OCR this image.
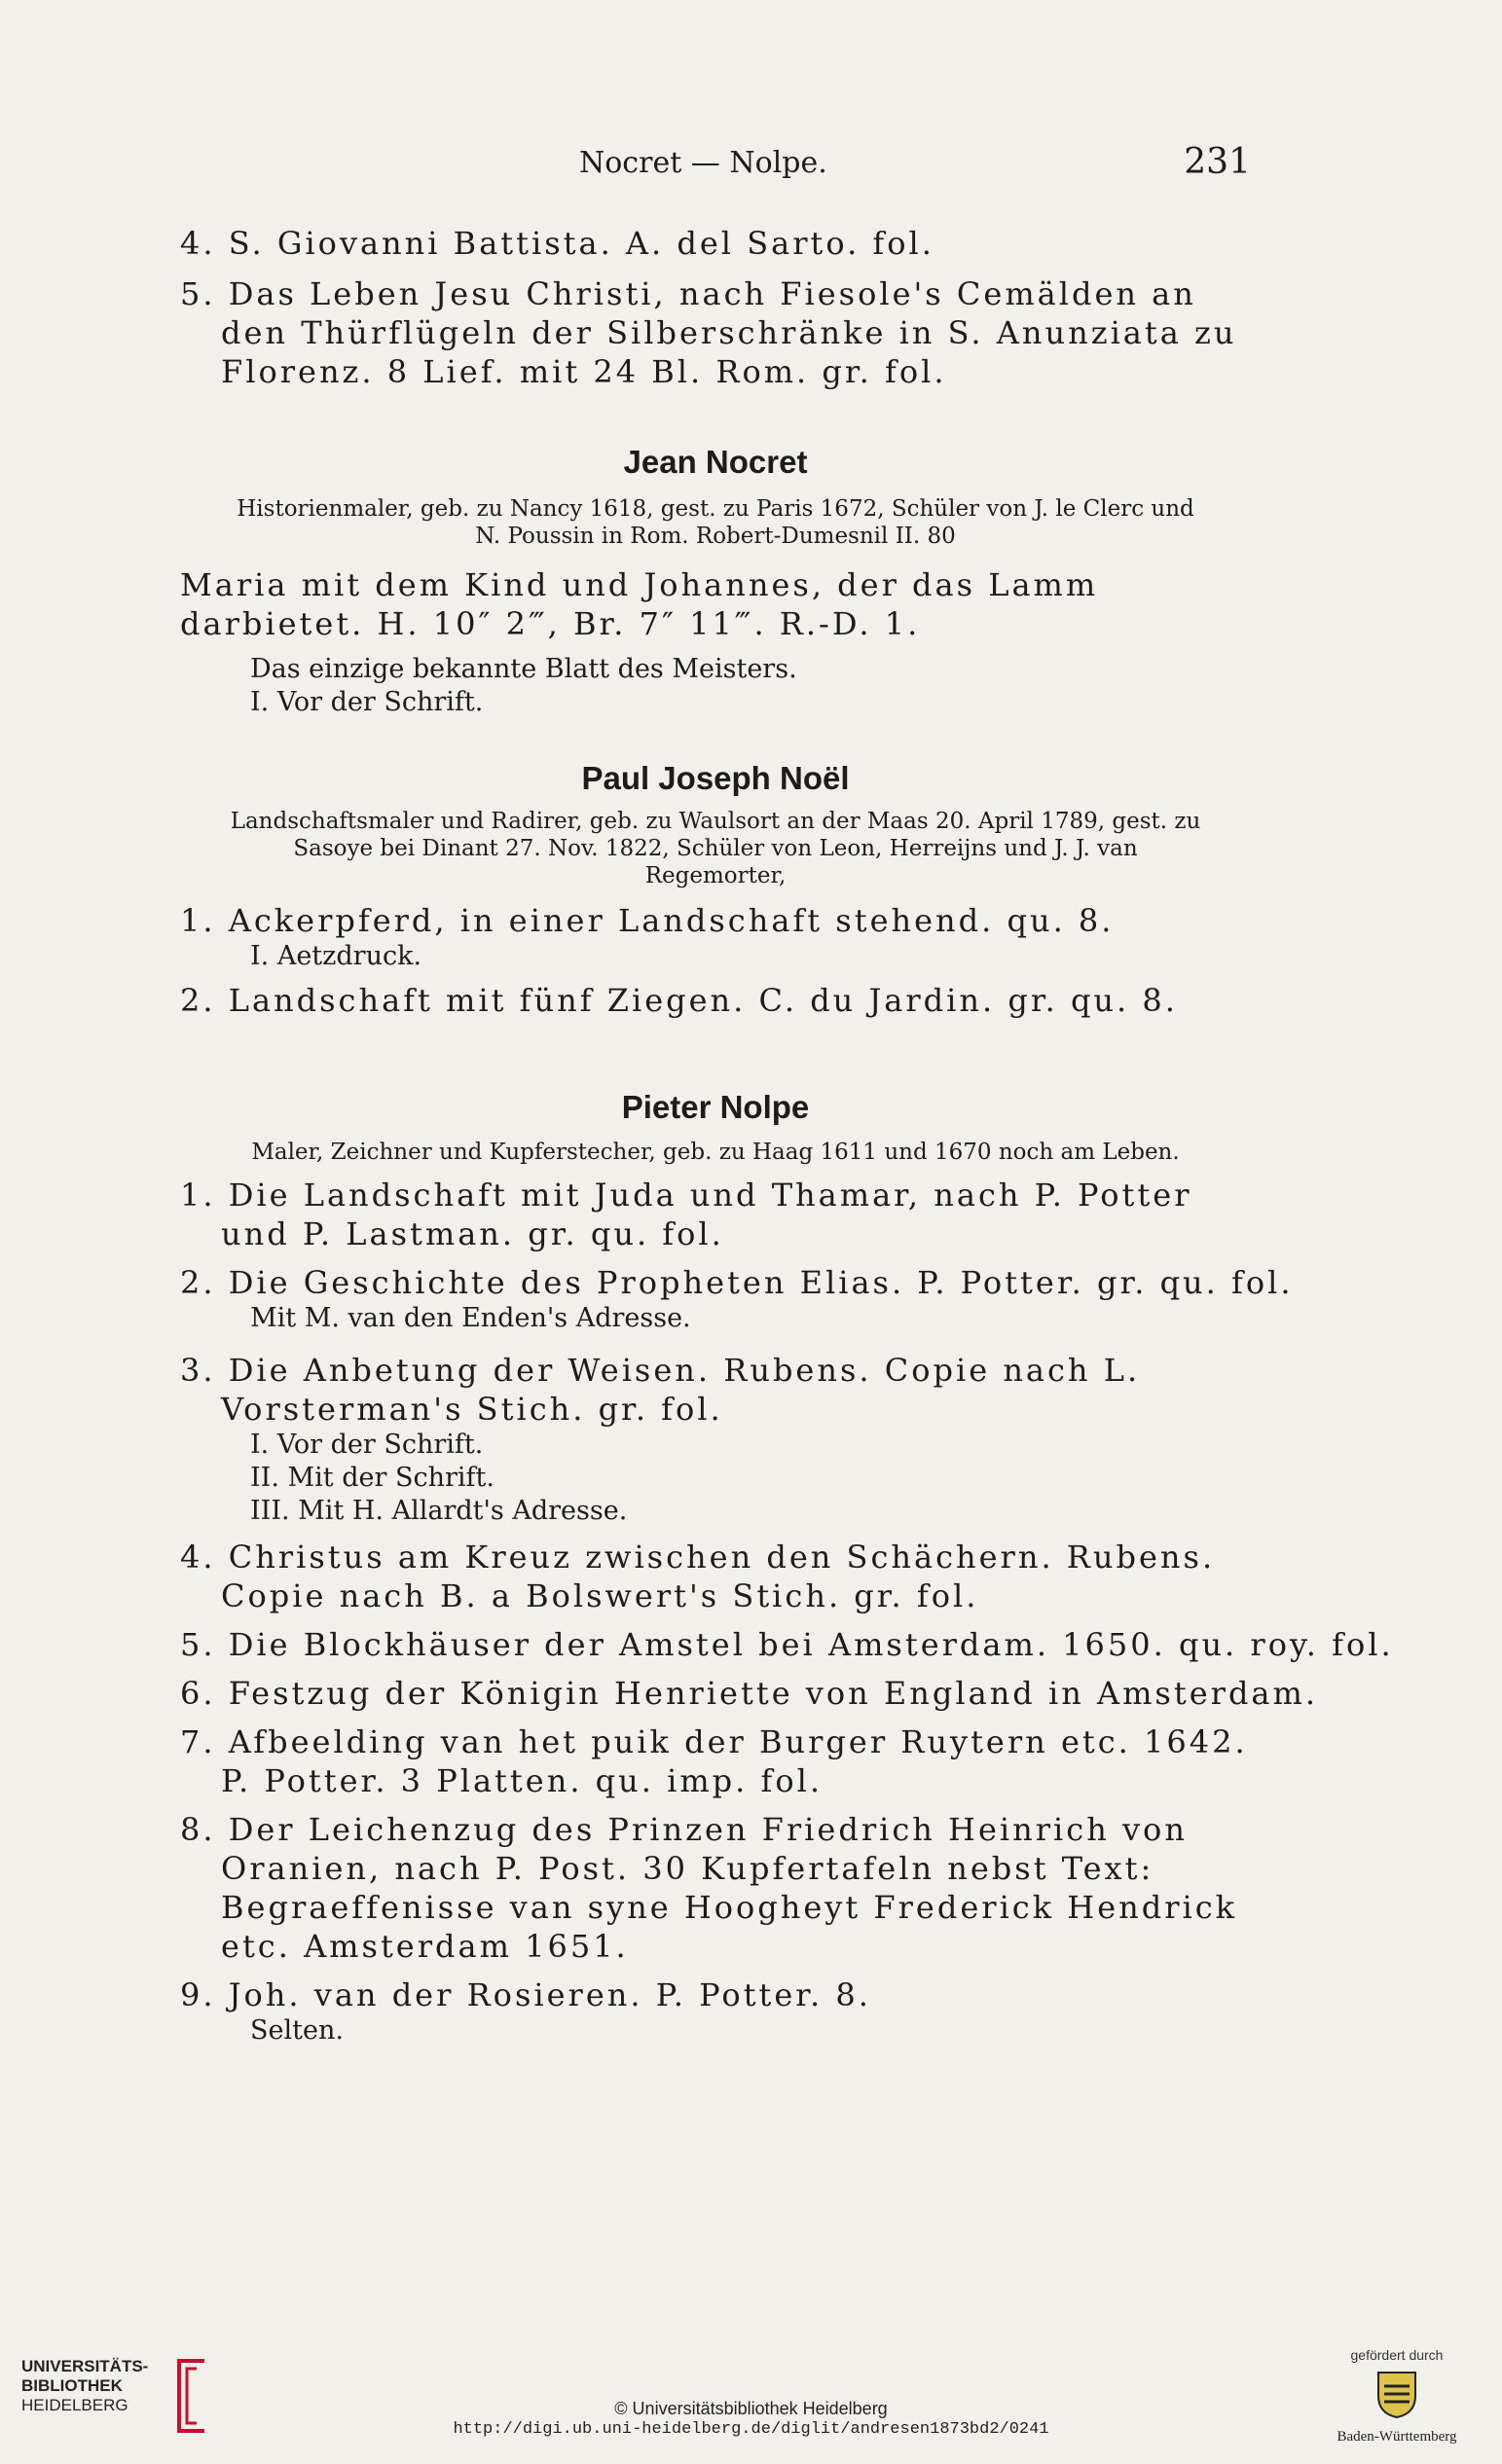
Nocret — Nolpe.	231
4. S. Giovanni Battista. A. del Sarto. fol.
5. Das Leben Jesu Christi, nach Fiesole's Cemälden an den Thürflügeln der Silberschränke in S. Anunziata zu Florenz. 8 Lief. mit 24 Bl. Rom. gr. fol.
Jean Nocret
Historienmaler, geb. zu Nancy 1618, gest. zu Paris 1672, Schüler von J. le Clerc und
N. Poussin in Rom. Robert-Dumesnil II. 80
Maria mit dem Kind und Johannes, der das Lamm darbietet. H. 10″ 2‴, Br. 7″ 11‴. R.-D. 1.
Das einzige bekannte Blatt des Meisters.
I. Vor der Schrift.
Paul Joseph Noël
Landschaftsmaler und Radirer, geb. zu Waulsort an der Maas 20. April 1789, gest. zu
Sasoye bei Dinant 27. Nov. 1822, Schüler von Leon, Herreijns und J. J. van
Regemorter,
1. Ackerpferd, in einer Landschaft stehend. qu. 8.
I. Aetzdruck.
2. Landschaft mit fünf Ziegen. C. du Jardin. gr. qu. 8.
Pieter Nolpe
Maler, Zeichner und Kupferstecher, geb. zu Haag 1611 und 1670 noch am Leben.
1. Die Landschaft mit Juda und Thamar, nach P. Potter und P. Lastman. gr. qu. fol.
2. Die Geschichte des Propheten Elias. P. Potter. gr. qu. fol.
Mit M. van den Enden's Adresse.
3. Die Anbetung der Weisen. Rubens. Copie nach L. Vorsterman's Stich. gr. fol.
I. Vor der Schrift.
II. Mit der Schrift.
III. Mit H. Allardt's Adresse.
4. Christus am Kreuz zwischen den Schächern. Rubens. Copie nach B. a Bolswert's Stich. gr. fol.
5. Die Blockhäuser der Amstel bei Amsterdam. 1650. qu. roy. fol.
6. Festzug der Königin Henriette von England in Amsterdam.
7. Afbeelding van het puik der Burger Ruytern etc. 1642. P. Potter. 3 Platten. qu. imp. fol.
8. Der Leichenzug des Prinzen Friedrich Heinrich von Oranien, nach P. Post. 30 Kupfertafeln nebst Text: Begraeffenisse van syne Hoogheyt Frederick Hendrick etc. Amsterdam 1651.
9. Joh. van der Rosieren. P. Potter. 8.
Selten.
UNIVERSITÄTS-
BIBLIOTHEK
HEIDELBERG	© Universitätsbibliothek Heidelberg
http://digi.ub.uni-heidelberg.de/diglit/andresen1873bd2/0241
gefördert durch
Baden-Württemberg
